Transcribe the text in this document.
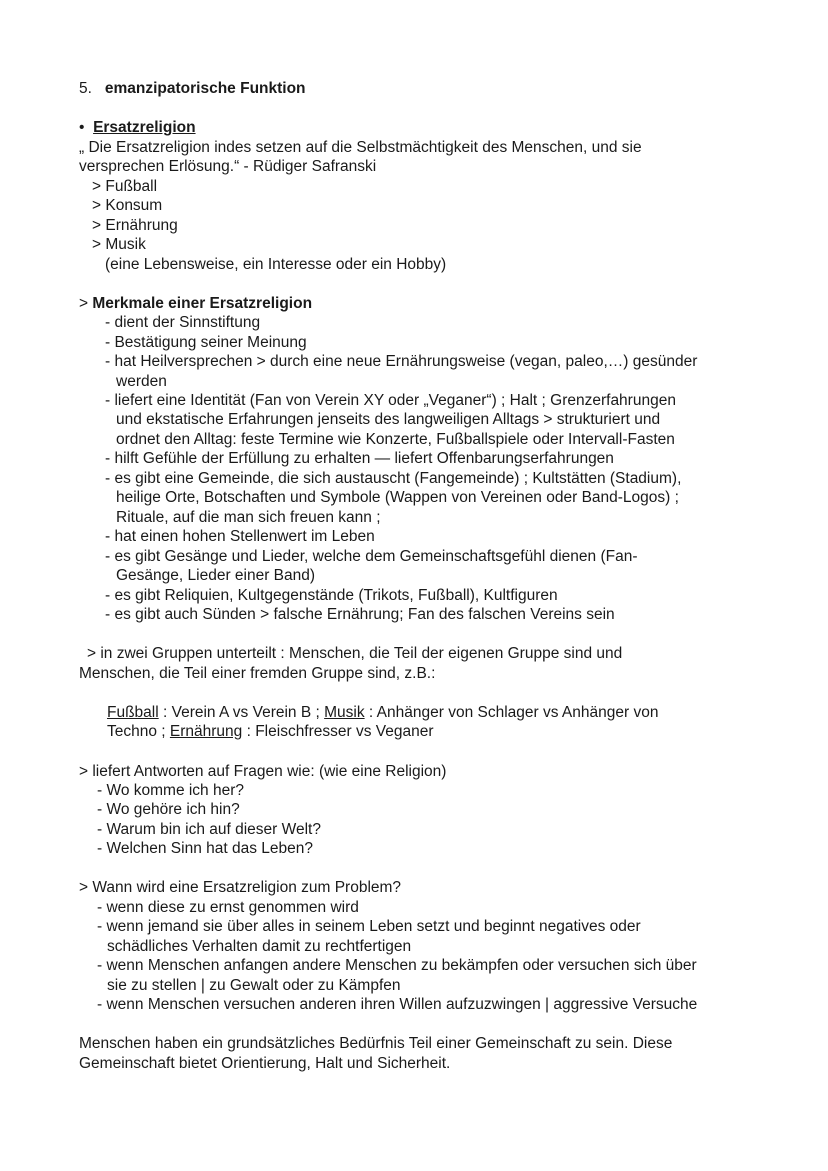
5. emanzipatorische Funktion
• Ersatzreligion
„ Die Ersatzreligion indes setzen auf die Selbstmächtigkeit des Menschen, und sie
versprechen Erlösung.“ - Rüdiger Safranski
> Fußball
> Konsum
> Ernährung
> Musik
(eine Lebensweise, ein Interesse oder ein Hobby)
> Merkmale einer Ersatzreligion
- dient der Sinnstiftung
- Bestätigung seiner Meinung
- hat Heilversprechen > durch eine neue Ernährungsweise (vegan, paleo,…) gesünder
werden
- liefert eine Identität (Fan von Verein XY oder „Veganer“) ; Halt ; Grenzerfahrungen
und ekstatische Erfahrungen jenseits des langweiligen Alltags > strukturiert und
ordnet den Alltag: feste Termine wie Konzerte, Fußballspiele oder Intervall-Fasten
- hilft Gefühle der Erfüllung zu erhalten — liefert Offenbarungserfahrungen
- es gibt eine Gemeinde, die sich austauscht (Fangemeinde) ; Kultstätten (Stadium),
heilige Orte, Botschaften und Symbole (Wappen von Vereinen oder Band-Logos) ;
Rituale, auf die man sich freuen kann ;
- hat einen hohen Stellenwert im Leben
- es gibt Gesänge und Lieder, welche dem Gemeinschaftsgefühl dienen (Fan-
Gesänge, Lieder einer Band)
- es gibt Reliquien, Kultgegenstände (Trikots, Fußball), Kultfiguren
- es gibt auch Sünden > falsche Ernährung; Fan des falschen Vereins sein
> in zwei Gruppen unterteilt : Menschen, die Teil der eigenen Gruppe sind und
Menschen, die Teil einer fremden Gruppe sind, z.B.:
Fußball : Verein A vs Verein B ; Musik : Anhänger von Schlager vs Anhänger von
Techno ; Ernährung : Fleischfresser vs Veganer
> liefert Antworten auf Fragen wie: (wie eine Religion)
- Wo komme ich her?
- Wo gehöre ich hin?
- Warum bin ich auf dieser Welt?
- Welchen Sinn hat das Leben?
> Wann wird eine Ersatzreligion zum Problem?
- wenn diese zu ernst genommen wird
- wenn jemand sie über alles in seinem Leben setzt und beginnt negatives oder
schädliches Verhalten damit zu rechtfertigen
- wenn Menschen anfangen andere Menschen zu bekämpfen oder versuchen sich über
sie zu stellen | zu Gewalt oder zu Kämpfen
- wenn Menschen versuchen anderen ihren Willen aufzuzwingen | aggressive Versuche
Menschen haben ein grundsätzliches Bedürfnis Teil einer Gemeinschaft zu sein. Diese
Gemeinschaft bietet Orientierung, Halt und Sicherheit.
